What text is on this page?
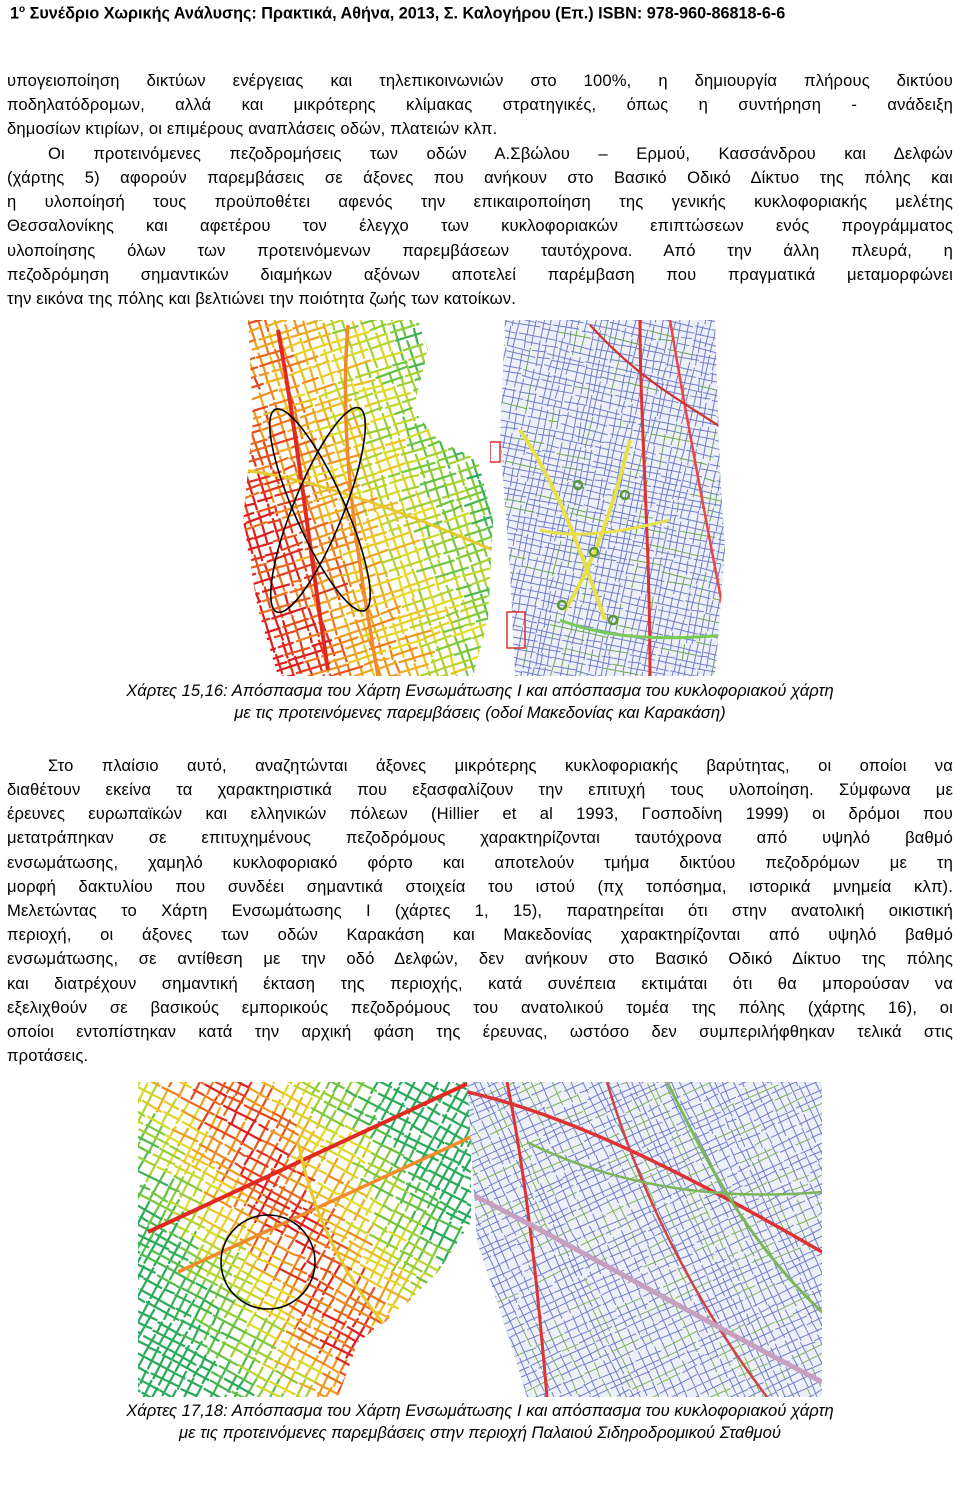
$1^o$ Συνέδριο Χωρικής Ανάλυσης: Πρακτικά, Αθήνα, 2013, Σ. Καλογήρου (Επ.) ISBN: 978-960-86818-6-6
υπογειοποίηση δικτύων ενέργειας και τηλεπικοινωνιών στο 100%, η δημιουργία πλήρους δικτύου
ποδηλατόδρομων, αλλά και μικρότερης κλίμακας στρατηγικές, όπως η συντήρηση - ανάδειξη
δημοσίων κτιρίων, οι επιμέρους αναπλάσεις οδών, πλατειών κλπ.
Οι προτεινόμενες πεζοδρομήσεις των οδών Α.Σβώλου – Ερμού, Κασσάνδρου και Δελφών
(χάρτης 5) αφορούν παρεμβάσεις σε άξονες που ανήκουν στο Βασικό Οδικό Δίκτυο της πόλης και
η υλοποίησή τους προϋποθέτει αφενός την επικαιροποίηση της γενικής κυκλοφοριακής μελέτης
Θεσσαλονίκης και αφετέρου τον έλεγχο των κυκλοφοριακών επιπτώσεων ενός προγράμματος
υλοποίησης όλων των προτεινόμενων παρεμβάσεων ταυτόχρονα. Από την άλλη πλευρά, η
πεζοδρόμηση σημαντικών διαμήκων αξόνων αποτελεί παρέμβαση που πραγματικά μεταμορφώνει
την εικόνα της πόλης και βελτιώνει την ποιότητα ζωής των κατοίκων.
Χάρτες 15,16: Απόσπασμα του Χάρτη Ενσωμάτωσης Ι και απόσπασμα του κυκλοφοριακού χάρτη
με τις προτεινόμενες παρεμβάσεις (οδοί Μακεδονίας και Καρακάση)
Στο πλαίσιο αυτό, αναζητώνται άξονες μικρότερης κυκλοφοριακής βαρύτητας, οι οποίοι να
διαθέτουν εκείνα τα χαρακτηριστικά που εξασφαλίζουν την επιτυχή τους υλοποίηση. Σύμφωνα με
έρευνες ευρωπαϊκών και ελληνικών πόλεων (Hillier et al 1993, Γοσποδίνη 1999) οι δρόμοι που
μετατράπηκαν σε επιτυχημένους πεζοδρόμους χαρακτηρίζονται ταυτόχρονα από υψηλό βαθμό
ενσωμάτωσης, χαμηλό κυκλοφοριακό φόρτο και αποτελούν τμήμα δικτύου πεζοδρόμων με τη
μορφή δακτυλίου που συνδέει σημαντικά στοιχεία του ιστού (πχ τοπόσημα, ιστορικά μνημεία κλπ).
Μελετώντας το Χάρτη Ενσωμάτωσης Ι (χάρτες 1, 15), παρατηρείται ότι στην ανατολική οικιστική
περιοχή, οι άξονες των οδών Καρακάση και Μακεδονίας χαρακτηρίζονται από υψηλό βαθμό
ενσωμάτωσης, σε αντίθεση με την οδό Δελφών, δεν ανήκουν στο Βασικό Οδικό Δίκτυο της πόλης
και διατρέχουν σημαντική έκταση της περιοχής, κατά συνέπεια εκτιμάται ότι θα μπορούσαν να
εξελιχθούν σε βασικούς εμπορικούς πεζοδρόμους του ανατολικού τομέα της πόλης (χάρτης 16), οι
οποίοι εντοπίστηκαν κατά την αρχική φάση της έρευνας, ωστόσο δεν συμπεριλήφθηκαν τελικά στις
προτάσεις.
Χάρτες 17,18: Απόσπασμα του Χάρτη Ενσωμάτωσης Ι και απόσπασμα του κυκλοφοριακού χάρτη
με τις προτεινόμενες παρεμβάσεις στην περιοχή Παλαιού Σιδηροδρομικού Σταθμού
